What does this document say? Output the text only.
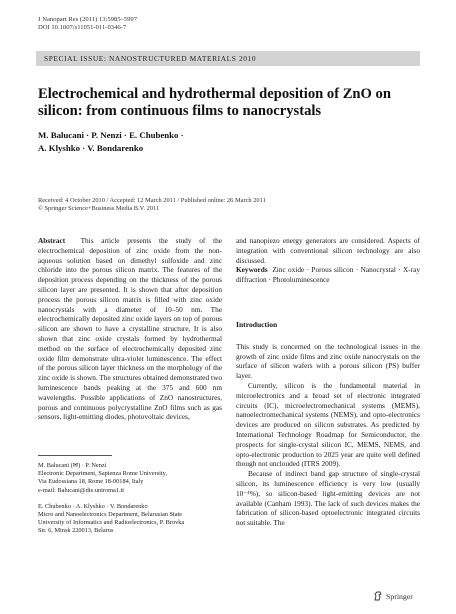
J Nanopart Res (2011) 13:5985–5997
DOI 10.1007/s11051-011-0346-7
SPECIAL ISSUE: NANOSTRUCTURED MATERIALS 2010
Electrochemical and hydrothermal deposition of ZnO on silicon: from continuous films to nanocrystals
M. Balucani · P. Nenzi · E. Chubenko ·
A. Klyshko · V. Bondarenko
Received: 4 October 2010 / Accepted: 12 March 2011 / Published online: 26 March 2011
© Springer Science+Business Media B.V. 2011

Abstract This article presents the study of the electrochemical deposition of zinc oxide from the non-aqueous solution based on dimethyl sulfoxide and zinc chloride into the porous silicon matrix. The features of the deposition process depending on the thickness of the porous silicon layer are presented. It is shown that after deposition process the porous silicon matrix is filled with zinc oxide nanocrystals with a diameter of 10–50 nm. The electrochemically deposited zinc oxide layers on top of porous silicon are shown to have a crystalline structure. It is also shown that zinc oxide crystals formed by hydrothermal method on the surface of electrochemically deposited zinc oxide film demonstrate ultra-violet luminescence. The effect of the porous silicon layer thickness on the morphology of the zinc oxide is shown. The structures obtained demonstrated two luminescence bands peaking at the 375 and 600 nm wavelengths. Possible applications of ZnO nanostructures, porous and continuous polycrystalline ZnO films such as gas sensors, light-emitting diodes, photovoltaic devices,

and nanopiezo energy generators are considered. Aspects of integration with conventional silicon technology are also discussed.

Keywords Zinc oxide · Porous silicon · Nanocrystal · X-ray diffraction · Photoluminescence

Introduction

This study is concerned on the technological issues in the growth of zinc oxide films and zinc oxide nanocrystals on the surface of silicon wafers with a porous silicon (PS) buffer layer.

Currently, silicon is the fundamental material in microelectronics and a broad set of electronic integrated circuits (IC), microelectromechanical systems (MEMS), nanoelectromechanical systems (NEMS), and opto-electronics devices are produced on silicon substrates. As predicted by International Technology Roadmap for Semiconductor, the prospects for single-crystal silicon IC, MEMS, NEMS, and opto-electronic production to 2025 year are quite well defined though not unclouded (ITRS 2009).

Because of indirect band gap structure of single-crystal silicon, its luminescence efficiency is very low (usually 10⁻⁴%), so silicon-based light-emitting devices are not available (Canham 1993). The lack of such devices makes the fabrication of silicon-based optoelectronic integrated circuits not suitable. The

M. Balucani (✉) · P. Nenzi
Electronic Department, Sapienza Rome University,
Via Eudossiana 18, Rome 18-00184, Italy
e-mail: Balucani@die.uniroma1.it
E. Chubenko · A. Klyshko · V. Bondarenko
Micro and Nanoelectronics Department, Belarusian State
University of Informatics and Radioelectronics, P. Brovka
Str. 6, Minsk 220013, Belarus
Springer
